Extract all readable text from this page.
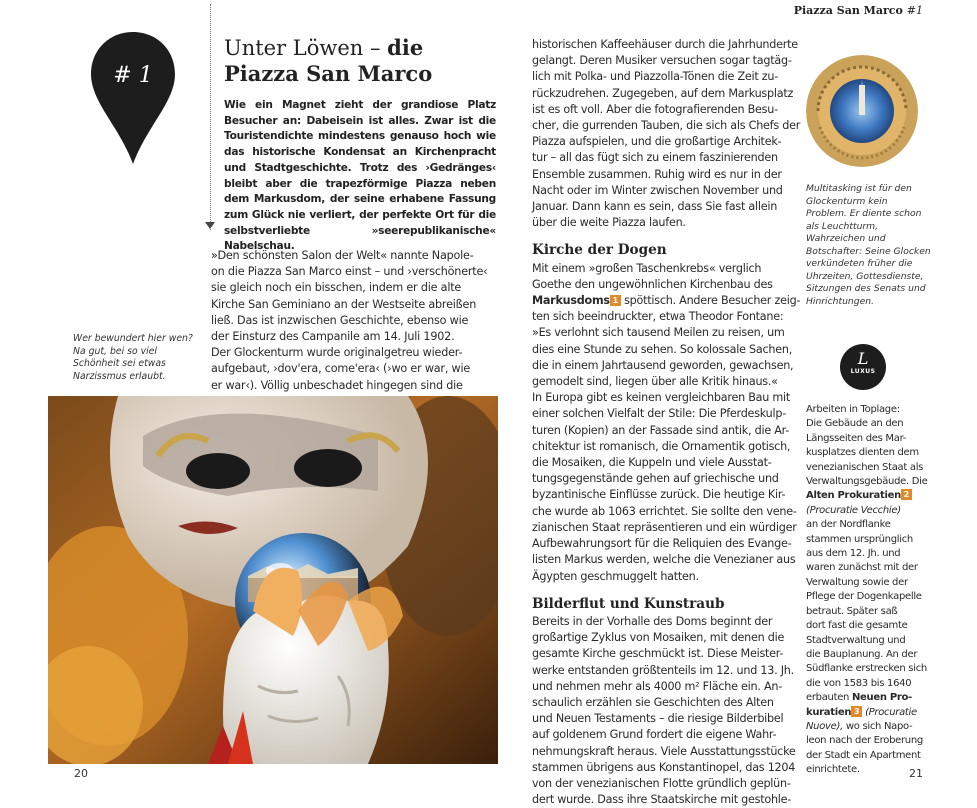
# 1
Unter Löwen – die Piazza San Marco
Wie ein Magnet zieht der grandiose Platz Besucher an: Dabeisein ist alles. Zwar ist die Touristendichte mindestens genauso hoch wie das historische Kondensat an Kirchenpracht und Stadtgeschichte. Trotz des ›Gedränges‹ bleibt aber die trapezförmige Piazza neben dem Markusdom, der seine erhabene Fassung zum Glück nie verliert, der perfekte Ort für die selbstverliebte »seerepublikanische« Nabelschau.
»Den schönsten Salon der Welt« nannte Napole-
on die Piazza San Marco einst – und ›verschönerte‹
sie gleich noch ein bisschen, indem er die alte
Kirche San Geminiano an der Westseite abreißen
ließ. Das ist inzwischen Geschichte, ebenso wie
der Einsturz des Campanile am 14. Juli 1902.
Der Glockenturm wurde originalgetreu wieder-
aufgebaut, ›dov'era, come'era‹ (›wo er war, wie
er war‹). Völlig unbeschadet hingegen sind die
Wer bewundert hier wen? Na gut, bei so viel Schönheit sei etwas Narzissmus erlaubt.
20
historischen Kaffeehäuser durch die Jahrhunderte
gelangt. Deren Musiker versuchen sogar tagtäg-
lich mit Polka- und Piazzolla-Tönen die Zeit zu-
rückzudrehen. Zugegeben, auf dem Markusplatz
ist es oft voll. Aber die fotografierenden Besu-
cher, die gurrenden Tauben, die sich als Chefs der
Piazza aufspielen, und die großartige Architek-
tur – all das fügt sich zu einem faszinierenden
Ensemble zusammen. Ruhig wird es nur in der
Nacht oder im Winter zwischen November und
Januar. Dann kann es sein, dass Sie fast allein
über die weite Piazza laufen.
Kirche der Dogen
Mit einem »großen Taschenkrebs« verglich
Goethe den ungewöhnlichen Kirchenbau des
Markusdoms 1 spöttisch. Andere Besucher zeig-
ten sich beeindruckter, etwa Theodor Fontane:
»Es verlohnt sich tausend Meilen zu reisen, um
dies eine Stunde zu sehen. So kolossale Sachen,
die in einem Jahrtausend geworden, gewachsen,
gemodelt sind, liegen über alle Kritik hinaus.«
In Europa gibt es keinen vergleichbaren Bau mit
einer solchen Vielfalt der Stile: Die Pferdeskulp-
turen (Kopien) an der Fassade sind antik, die Ar-
chitektur ist romanisch, die Ornamentik gotisch,
die Mosaiken, die Kuppeln und viele Ausstat-
tungsgegenstände gehen auf griechische und
byzantinische Einflüsse zurück. Die heutige Kir-
che wurde ab 1063 errichtet. Sie sollte den vene-
zianischen Staat repräsentieren und ein würdiger
Aufbewahrungsort für die Reliquien des Evange-
listen Markus werden, welche die Venezianer aus
Ägypten geschmuggelt hatten.
Bilderflut und Kunstraub
Bereits in der Vorhalle des Doms beginnt der
großartige Zyklus von Mosaiken, mit denen die
gesamte Kirche geschmückt ist. Diese Meister-
werke entstanden größtenteils im 12. und 13. Jh.
und nehmen mehr als 4000 m² Fläche ein. An-
schaulich erzählen sie Geschichten des Alten
und Neuen Testaments – die riesige Bilderbibel
auf goldenem Grund fordert die eigene Wahr-
nehmungskraft heraus. Viele Ausstattungsstücke
stammen übrigens aus Konstantinopel, das 1204
von der venezianischen Flotte gründlich geplün-
dert wurde. Dass ihre Staatskirche mit gestohle-
Piazza San Marco #1
Multitasking ist für den Glockenturm kein Problem. Er diente schon als Leuchtturm, Wahrzeichen und Botschafter: Seine Glocken verkündeten früher die Uhrzeiten, Gottesdienste, Sitzungen des Senats und Hinrichtungen.
L
LUXUS
Arbeiten in Toplage:
Die Gebäude an den
Längsseiten des Mar-
kusplatzes dienten dem
venezianischen Staat als
Verwaltungsgebäude. Die
Alten Prokuratien 2
(Procuratie Vecchie)
an der Nordflanke
stammen ursprünglich
aus dem 12. Jh. und
waren zunächst mit der
Verwaltung sowie der
Pflege der Dogenkapelle
betraut. Später saß
dort fast die gesamte
Stadtverwaltung und
die Bauplanung. An der
Südflanke erstrecken sich
die von 1583 bis 1640
erbauten Neuen Pro-
kuratien 3 (Procuratie
Nuove), wo sich Napo-
leon nach der Eroberung
der Stadt ein Apartment
einrichtete.	21
